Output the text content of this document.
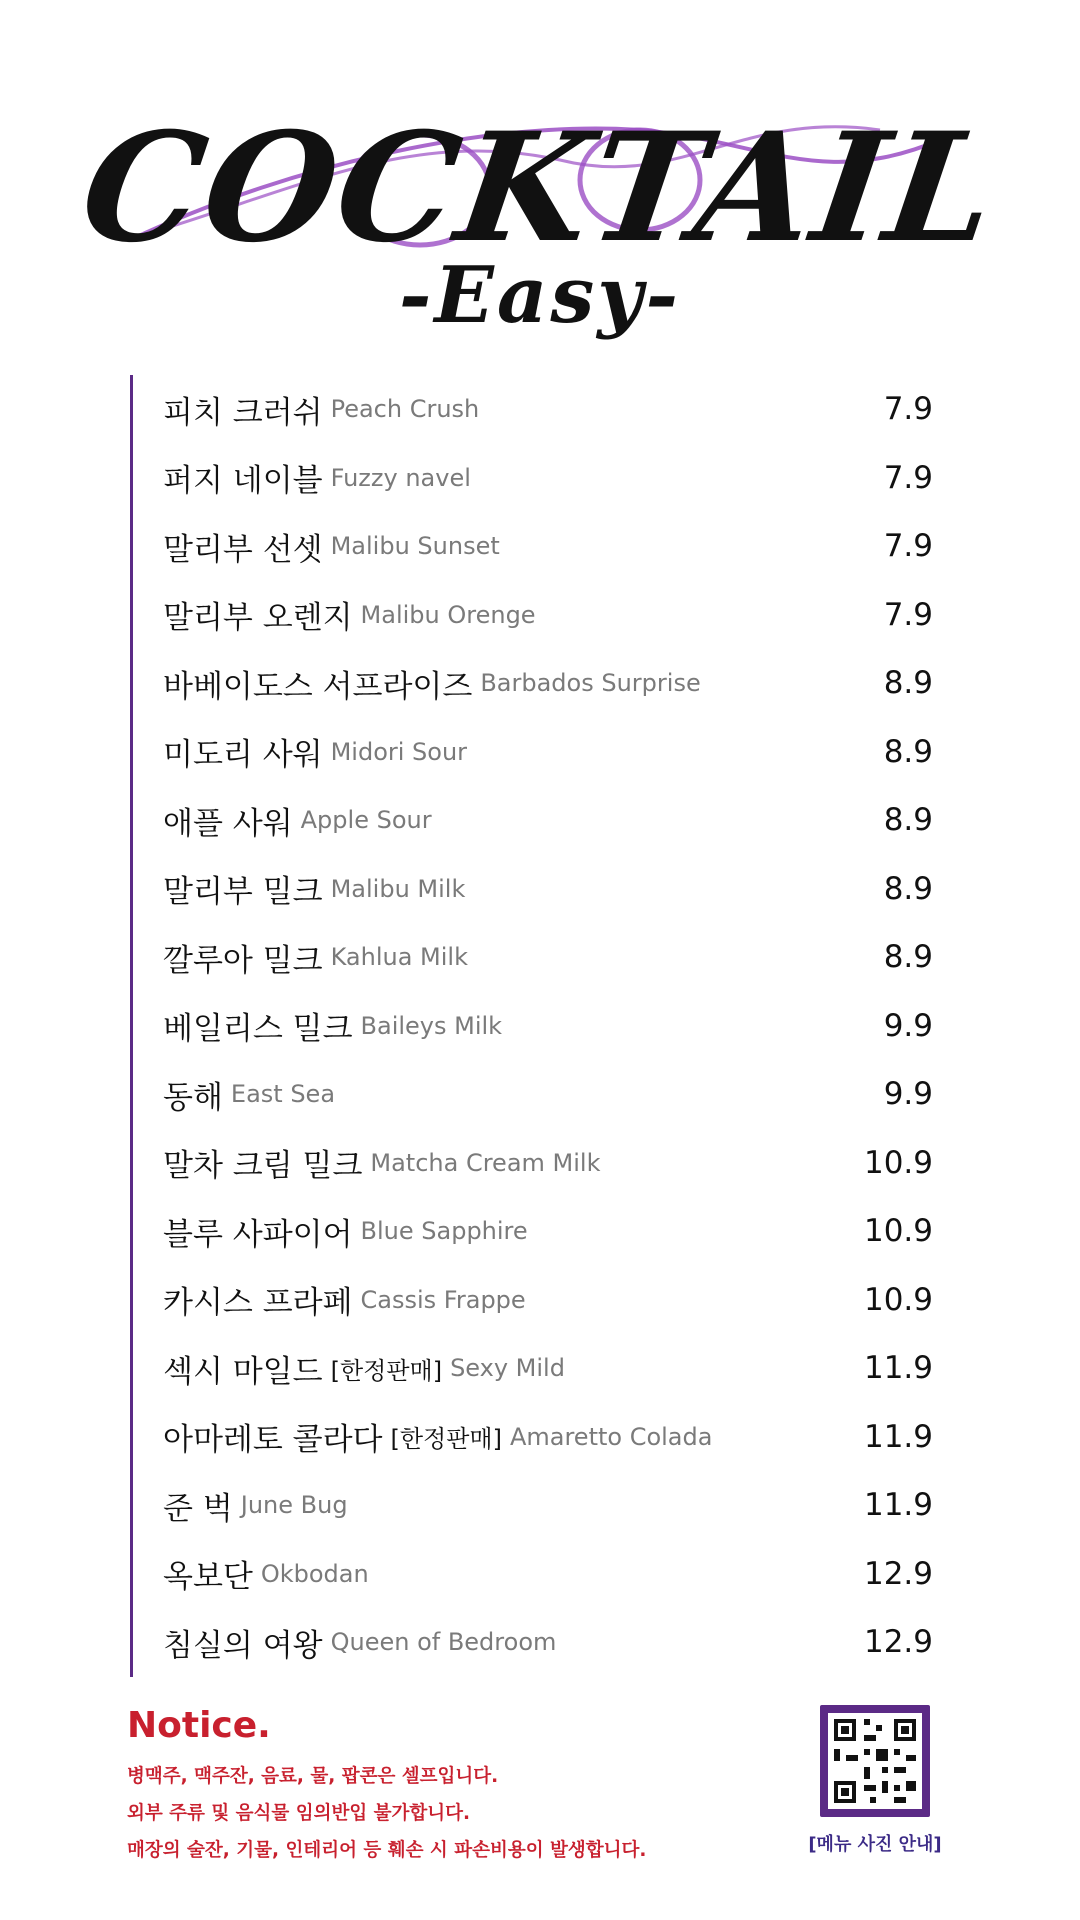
COCKTAIL
-Easy-
피치 크러쉬 Peach Crush	7.9
퍼지 네이블 Fuzzy navel	7.9
말리부 선셋 Malibu Sunset	7.9
말리부 오렌지 Malibu Orenge	7.9
바베이도스 서프라이즈 Barbados Surprise	8.9
미도리 사워 Midori Sour	8.9
애플 사워 Apple Sour	8.9
말리부 밀크 Malibu Milk	8.9
깔루아 밀크 Kahlua Milk	8.9
베일리스 밀크 Baileys Milk	9.9
동해 East Sea	9.9
말차 크림 밀크 Matcha Cream Milk	10.9
블루 사파이어 Blue Sapphire	10.9
카시스 프라페 Cassis Frappe	10.9
섹시 마일드 [한정판매] Sexy Mild	11.9
아마레토 콜라다 [한정판매] Amaretto Colada	11.9
준 벅 June Bug	11.9
옥보단 Okbodan	12.9
침실의 여왕 Queen of Bedroom	12.9
Notice.
병맥주, 맥주잔, 음료, 물, 팝콘은 셀프입니다.
외부 주류 및 음식물 임의반입 불가합니다.
매장의 술잔, 기물, 인테리어 등 훼손 시 파손비용이 발생합니다.	[메뉴 사진 안내]
